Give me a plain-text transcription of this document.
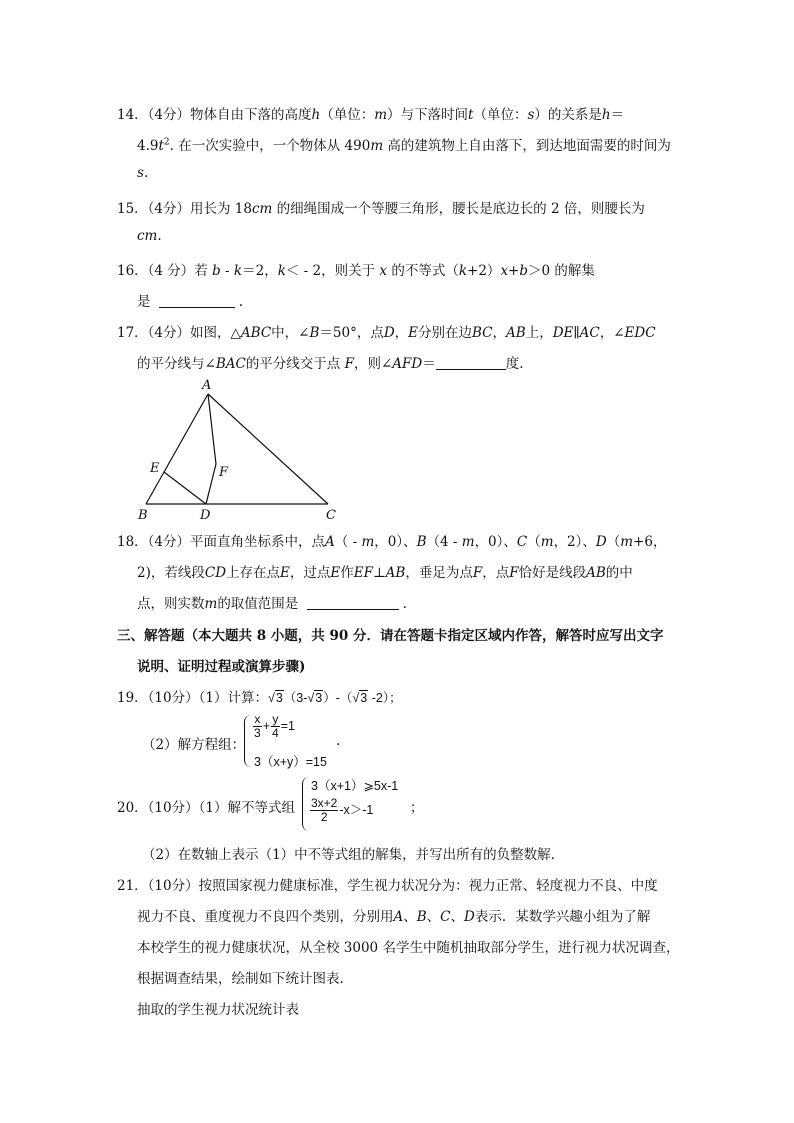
14．（4分）物体自由下落的高度h（单位：m）与下落时间t（单位：s）的关系是h＝
$4.9t^2$. 在一次实验中，一个物体从 490m 高的建筑物上自由落下，到达地面需要的时间为
s.
15．（4分）用长为 18cm 的细绳围成一个等腰三角形，腰长是底边长的 2 倍，则腰长为
cm.
16．（4 分）若 b - k＝2，k＜ - 2，则关于 x 的不等式（k+2）x+b＞0 的解集
是	.
17．（4分）如图，△ABC中，∠B＝50°，点D，E分别在边BC，AB上，DE∥AC，∠EDC
的平分线与∠BAC的平分线交于点 F，则∠AFD＝	度.
A
B	C
D
E	F
18．（4分）平面直角坐标系中，点A（ - m，0）、B（4 - m，0）、C（m，2）、D（m+6，
2)，若线段CD上存在点E，过点E作EF⊥AB，垂足为点F，点F恰好是线段AB的中
点，则实数m的取值范围是	.
三、解答题（本大题共 8 小题，共 90 分．请在答题卡指定区域内作答，解答时应写出文字
说明、证明过程或演算步骤)
19．（10分）（1）计算：√3（3-√3）-（√3 -2）；
（2）解方程组：
$\frac{x}{3} + \frac{y}{4} =1$
3（x+y）=15
.
20．（10分）（1）解不等式组
3（x+1）⩾5x-1
$\frac{3x+2}{2} -x>-1$	；
（2）在数轴上表示（1）中不等式组的解集，并写出所有的负整数解.
21．（10分）按照国家视力健康标准，学生视力状况分为：视力正常、轻度视力不良、中度
视力不良、重度视力不良四个类别，分别用A、B、C、D表示．某数学兴趣小组为了解
本校学生的视力健康状况，从全校 3000 名学生中随机抽取部分学生，进行视力状况调查，
根据调查结果，绘制如下统计图表.
抽取的学生视力状况统计表
